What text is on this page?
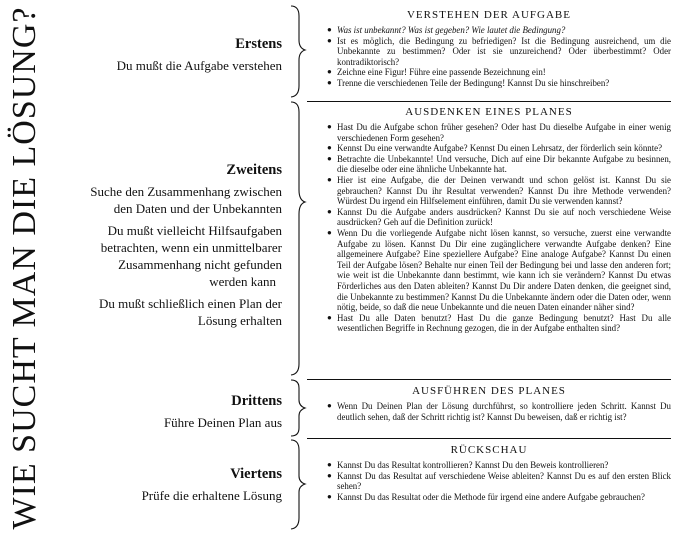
WIE SUCHT MAN DIE LÖSUNG?	Erstens

Du mußt die Aufgabe verstehen

Zweitens

Suche den Zusammenhang zwischen

den Daten und der Unbekannten

Du mußt vielleicht Hilfsaufgaben

betrachten, wenn ein unmittelbarer

Zusammenhang nicht gefunden

werden kann

Du mußt schließlich einen Plan der

Lösung erhalten

Drittens

Führe Deinen Plan aus

Viertens

Prüfe die erhaltene Lösung

VERSTEHEN DER AUFGABE
● Was ist unbekannt? Was ist gegeben? Wie lautet die Bedingung?
● Ist es möglich, die Bedingung zu befriedigen? Ist die Bedingung ausreichend, um die Unbekannte zu bestimmen? Oder ist sie unzureichend? Oder überbestimmt? Oder kontradiktorisch?
● Zeichne eine Figur! Führe eine passende Bezeichnung ein!
● Trenne die verschiedenen Teile der Bedingung! Kannst Du sie hinschreiben?
AUSDENKEN EINES PLANES
● Hast Du die Aufgabe schon früher gesehen? Oder hast Du dieselbe Aufgabe in einer wenig verschiedenen Form gesehen?
● Kennst Du eine verwandte Aufgabe? Kennst Du einen Lehrsatz, der förderlich sein könnte?
● Betrachte die Unbekannte! Und versuche, Dich auf eine Dir bekannte Aufgabe zu besinnen, die dieselbe oder eine ähnliche Unbekannte hat.
● Hier ist eine Aufgabe, die der Deinen verwandt und schon gelöst ist. Kannst Du sie gebrauchen? Kannst Du ihr Resultat verwenden? Kannst Du ihre Methode verwenden? Würdest Du irgend ein Hilfselement einführen, damit Du sie verwenden kannst?
● Kannst Du die Aufgabe anders ausdrücken? Kannst Du sie auf noch verschiedene Weise ausdrücken? Geh auf die Definition zurück!
● Wenn Du die vorliegende Aufgabe nicht lösen kannst, so versuche, zuerst eine verwandte Aufgabe zu lösen. Kannst Du Dir eine zugänglichere verwandte Aufgabe denken? Eine allgemeinere Aufgabe? Eine speziellere Aufgabe? Eine analoge Aufgabe? Kannst Du einen Teil der Aufgabe lösen? Behalte nur einen Teil der Bedingung bei und lasse den anderen fort; wie weit ist die Unbekannte dann bestimmt, wie kann ich sie verändern? Kannst Du etwas Förderliches aus den Daten ableiten? Kannst Du Dir andere Daten denken, die geeignet sind, die Unbekannte zu bestimmen? Kannst Du die Unbekannte ändern oder die Daten oder, wenn nötig, beide, so daß die neue Unbekannte und die neuen Daten einander näher sind?
● Hast Du alle Daten benutzt? Hast Du die ganze Bedingung benutzt? Hast Du alle wesentlichen Begriffe in Rechnung gezogen, die in der Aufgabe enthalten sind?
AUSFÜHREN DES PLANES
● Wenn Du Deinen Plan der Lösung durchführst, so kontrolliere jeden Schritt. Kannst Du deutlich sehen, daß der Schritt richtig ist? Kannst Du beweisen, daß er richtig ist?
RÜCKSCHAU
● Kannst Du das Resultat kontrollieren? Kannst Du den Beweis kontrollieren?
● Kannst Du das Resultat auf verschiedene Weise ableiten? Kannst Du es auf den ersten Blick sehen?
● Kannst Du das Resultat oder die Methode für irgend eine andere Aufgabe gebrauchen?
